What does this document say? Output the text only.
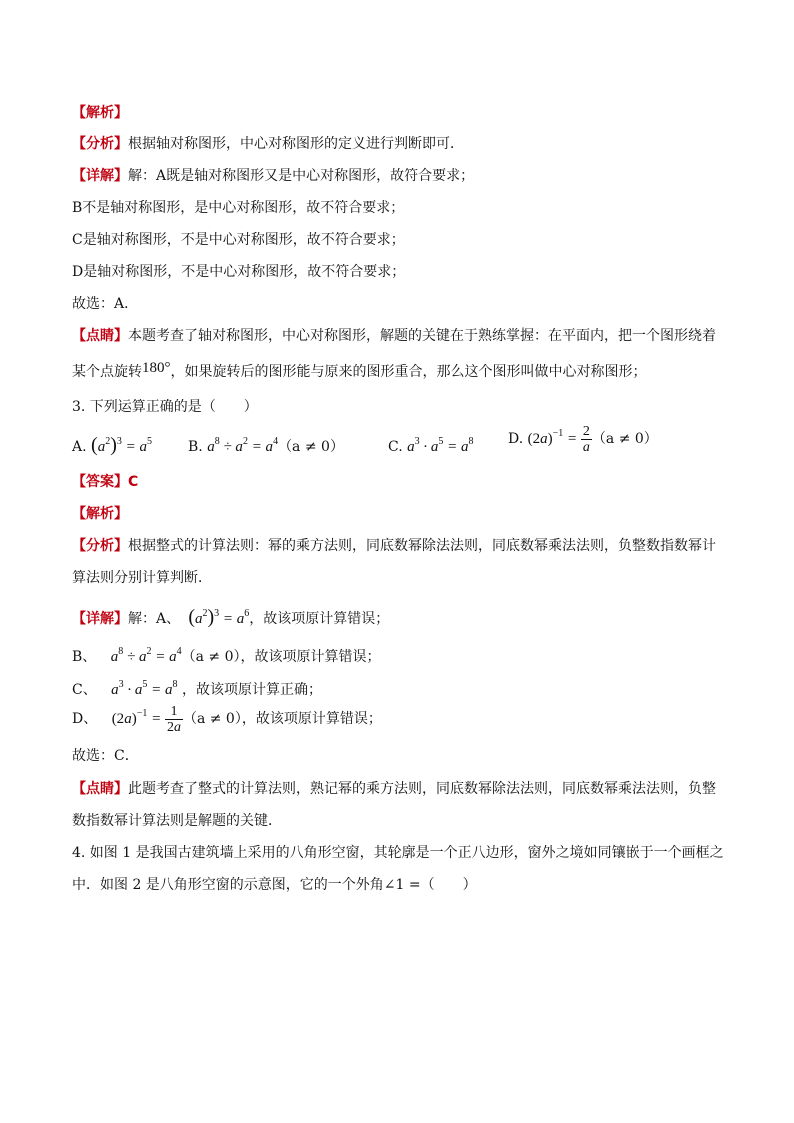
【解析】
【分析】根据轴对称图形，中心对称图形的定义进行判断即可．
【详解】解：A既是轴对称图形又是中心对称图形，故符合要求；
B不是轴对称图形，是中心对称图形，故不符合要求；
C是轴对称图形，不是中心对称图形，故不符合要求；
D是轴对称图形，不是中心对称图形，故不符合要求；
故选：A．
【点睛】本题考查了轴对称图形，中心对称图形，解题的关键在于熟练掌握：在平面内，把一个图形绕着
某个点旋转180°，如果旋转后的图形能与原来的图形重合，那么这个图形叫做中心对称图形；
3. 下列运算正确的是（　　）
A. $(a^2)^3 = a^5$	B. $a^8 \div a^2 = a^4(a \ne 0)$	C. $a^3 \cdot a^5 = a^8$ D. $(2a)^{-1} = \frac{2}{a} (a \ne 0)$
【答案】C
【解析】
【分析】根据整式的计算法则：幂的乘方法则，同底数幂除法法则，同底数幂乘法法则，负整数指数幂计
算法则分别计算判断．
【详解】解：A、 $(a^2)^3 = a^6$，故该项原计算错误；
B、 $a^8 \div a^2 = a^4(a \ne 0)$，故该项原计算错误；
C、 $a^3 \cdot a^5 = a^8$ ，故该项原计算正确；
D、 $(2a)^{-1} = \frac{1}{2a} (a \ne 0)$，故该项原计算错误；
故选：C．
【点睛】此题考查了整式的计算法则，熟记幂的乘方法则，同底数幂除法法则，同底数幂乘法法则，负整
数指数幂计算法则是解题的关键．
4. 如图 1 是我国古建筑墙上采用的八角形空窗，其轮廓是一个正八边形，窗外之境如同镶嵌于一个画框之
中．如图 2 是八角形空窗的示意图，它的一个外角∠1 =（　　）
